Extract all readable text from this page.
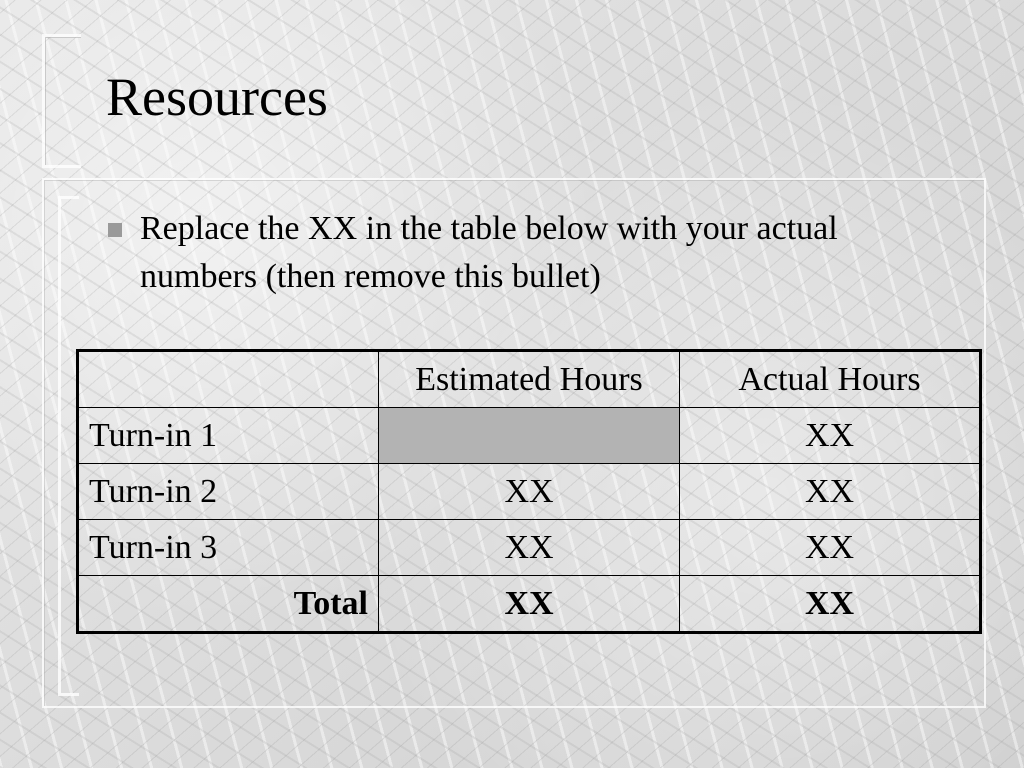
Resources
Replace the XX in the table below with your actual numbers (then remove this bullet)
	Estimated Hours	Actual Hours
Turn-in 1		XX
Turn-in 2	XX	XX
Turn-in 3	XX	XX
Total	XX	XX
